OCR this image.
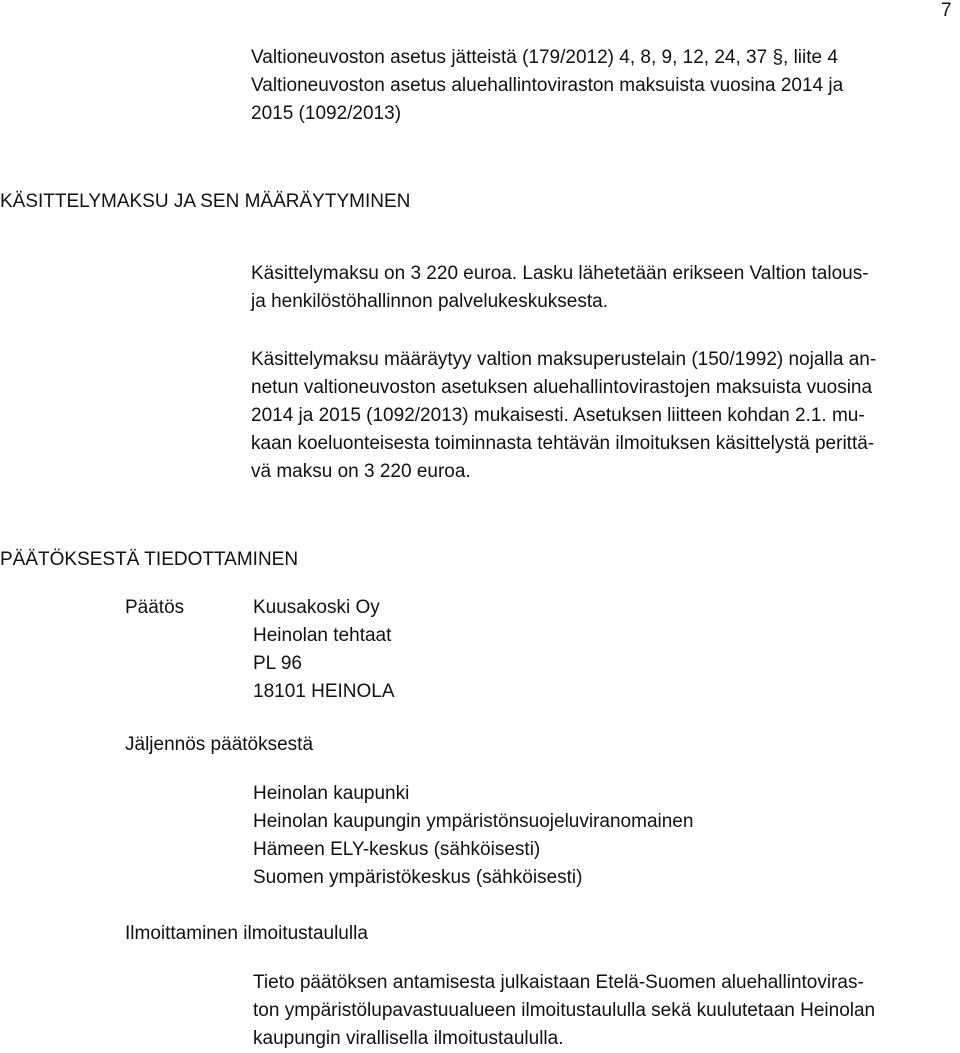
7
Valtioneuvoston asetus jätteistä (179/2012) 4, 8, 9, 12, 24, 37 §, liite 4
Valtioneuvoston asetus aluehallintoviraston maksuista vuosina 2014 ja
2015 (1092/2013)
KÄSITTELYMAKSU JA SEN MÄÄRÄYTYMINEN
Käsittelymaksu on 3 220 euroa. Lasku lähetetään erikseen Valtion talous-
ja henkilöstöhallinnon palvelukeskuksesta.
Käsittelymaksu määräytyy valtion maksuperustelain (150/1992) nojalla an-
netun valtioneuvoston asetuksen aluehallintovirastojen maksuista vuosina
2014 ja 2015 (1092/2013) mukaisesti. Asetuksen liitteen kohdan 2.1. mu-
kaan koeluonteisesta toiminnasta tehtävän ilmoituksen käsittelystä perittä-
vä maksu on 3 220 euroa.
PÄÄTÖKSESTÄ TIEDOTTAMINEN
Päätös	Kuusakoski Oy
Heinolan tehtaat
PL 96
18101 HEINOLA
Jäljennös päätöksestä
Heinolan kaupunki
Heinolan kaupungin ympäristönsuojeluviranomainen
Hämeen ELY-keskus (sähköisesti)
Suomen ympäristökeskus (sähköisesti)
Ilmoittaminen ilmoitustaululla
Tieto päätöksen antamisesta julkaistaan Etelä-Suomen aluehallintoviras-
ton ympäristölupavastuualueen ilmoitustaululla sekä kuulutetaan Heinolan
kaupungin virallisella ilmoitustaululla.
